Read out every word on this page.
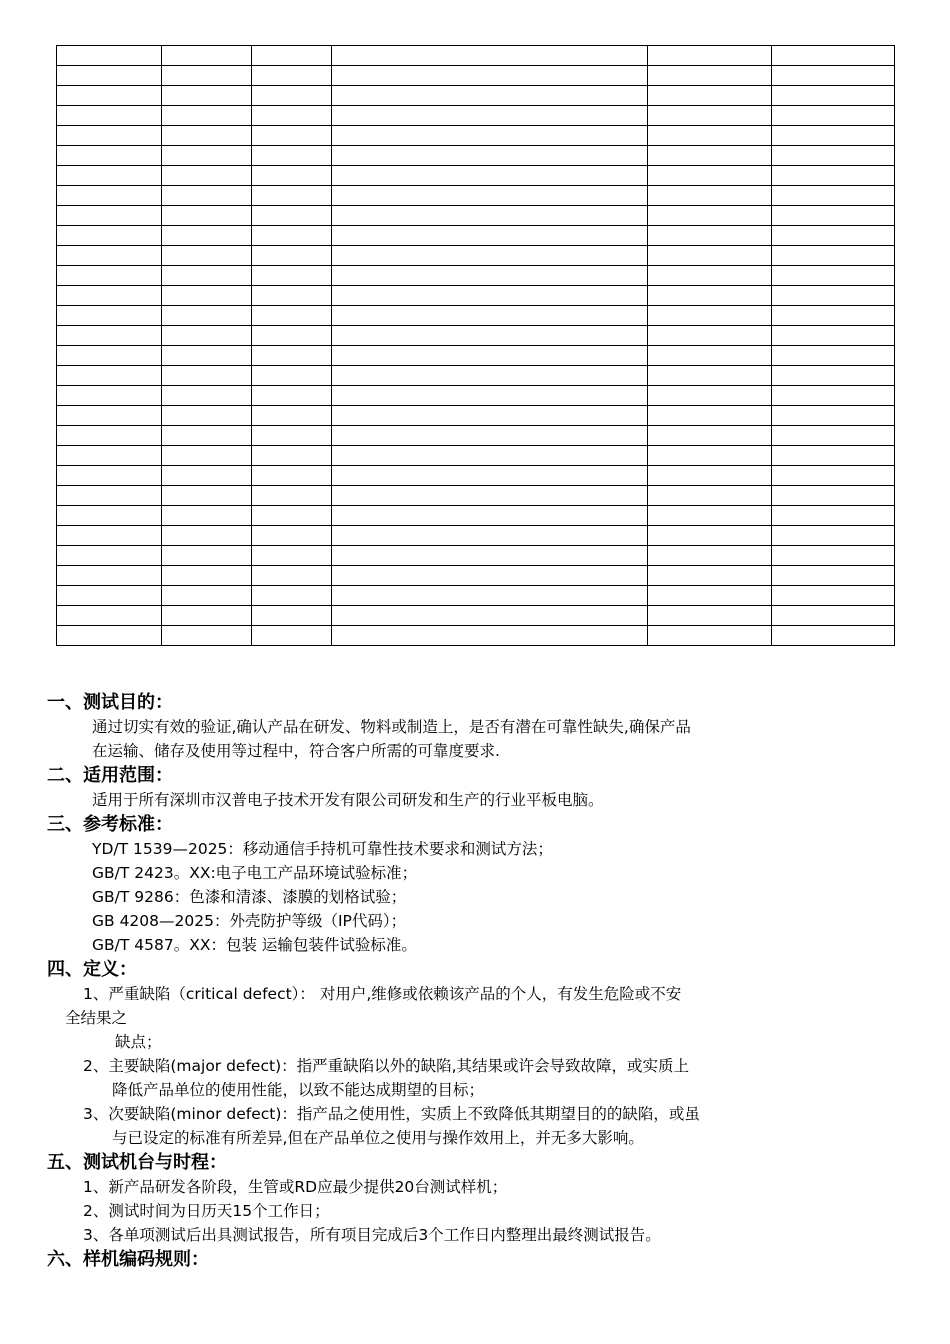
一、测试目的：
通过切实有效的验证,确认产品在研发、物料或制造上，是否有潜在可靠性缺失,确保产品
在运输、储存及使用等过程中，符合客户所需的可靠度要求.
二、适用范围：
适用于所有深圳市汉普电子技术开发有限公司研发和生产的行业平板电脑。
三、参考标准：
YD/T 1539—2025：移动通信手持机可靠性技术要求和测试方法；
GB/T 2423。XX:电子电工产品环境试验标准；
GB/T 9286：色漆和清漆、漆膜的划格试验；
GB 4208—2025：外壳防护等级（IP代码）；
GB/T 4587。XX：包装 运输包装件试验标准。
四、定义：
1、严重缺陷（critical defect）： 对用户,维修或依赖该产品的个人，有发生危险或不安
全结果之
缺点；
2、主要缺陷(major defect)：指严重缺陷以外的缺陷,其结果或许会导致故障，或实质上
降低产品单位的使用性能，以致不能达成期望的目标；
3、次要缺陷(minor defect)：指产品之使用性，实质上不致降低其期望目的的缺陷，或虽
与已设定的标准有所差异,但在产品单位之使用与操作效用上，并无多大影响。
五、测试机台与时程：
1、新产品研发各阶段，生管或RD应最少提供20台测试样机；
2、测试时间为日历天15个工作日；
3、各单项测试后出具测试报告，所有项目完成后3个工作日内整理出最终测试报告。
六、样机编码规则：
